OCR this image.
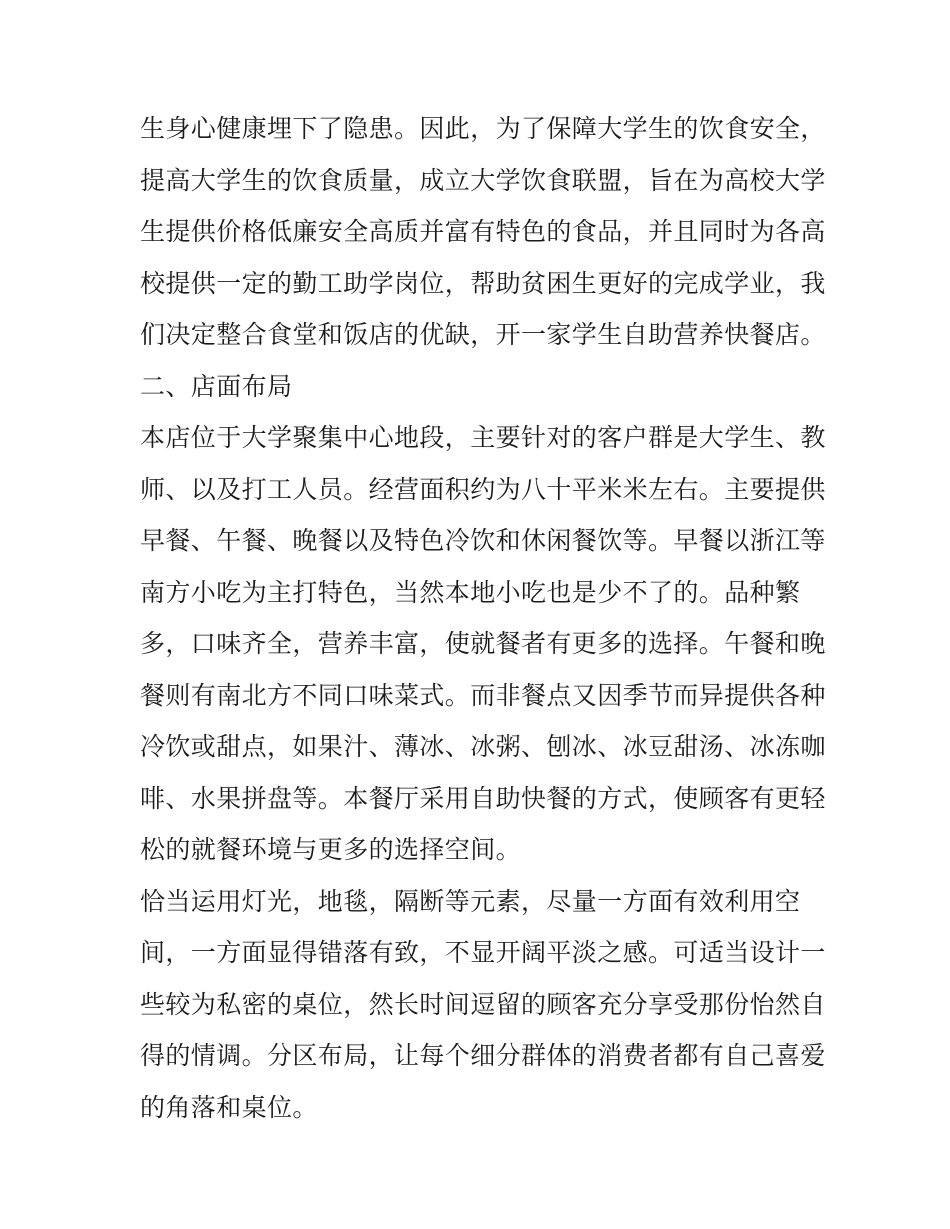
生身心健康埋下了隐患。因此，为了保障大学生的饮食安全，
提高大学生的饮食质量，成立大学饮食联盟，旨在为高校大学
生提供价格低廉安全高质并富有特色的食品，并且同时为各高
校提供一定的勤工助学岗位，帮助贫困生更好的完成学业，我
们决定整合食堂和饭店的优缺，开一家学生自助营养快餐店。
二、店面布局
本店位于大学聚集中心地段，主要针对的客户群是大学生、教
师、以及打工人员。经营面积约为八十平米米左右。主要提供
早餐、午餐、晚餐以及特色冷饮和休闲餐饮等。早餐以浙江等
南方小吃为主打特色，当然本地小吃也是少不了的。品种繁
多，口味齐全，营养丰富，使就餐者有更多的选择。午餐和晚
餐则有南北方不同口味菜式。而非餐点又因季节而异提供各种
冷饮或甜点，如果汁、薄冰、冰粥、刨冰、冰豆甜汤、冰冻咖
啡、水果拼盘等。本餐厅采用自助快餐的方式，使顾客有更轻
松的就餐环境与更多的选择空间。
恰当运用灯光，地毯，隔断等元素，尽量一方面有效利用空
间，一方面显得错落有致，不显开阔平淡之感。可适当设计一
些较为私密的桌位，然长时间逗留的顾客充分享受那份怡然自
得的情调。分区布局，让每个细分群体的消费者都有自己喜爱
的角落和桌位。
